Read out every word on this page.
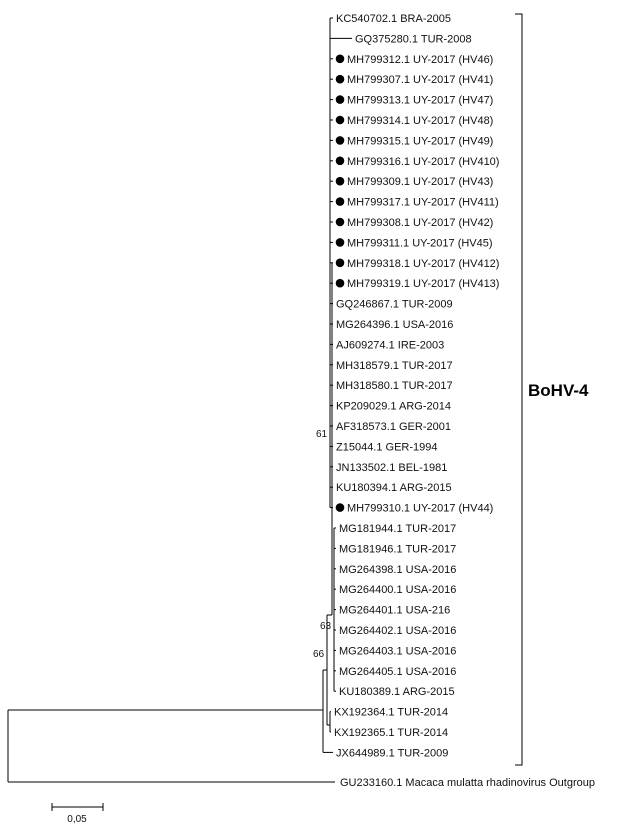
KC540702.1 BRA-2005
GQ375280.1 TUR-2008
MH799312.1 UY-2017 (HV46)
MH799307.1 UY-2017 (HV41)
MH799313.1 UY-2017 (HV47)
MH799314.1 UY-2017 (HV48)
MH799315.1 UY-2017 (HV49)
MH799316.1 UY-2017 (HV410)
MH799309.1 UY-2017 (HV43)
MH799317.1 UY-2017 (HV411)
MH799308.1 UY-2017 (HV42)
MH799311.1 UY-2017 (HV45)
MH799318.1 UY-2017 (HV412)
MH799319.1 UY-2017 (HV413)
GQ246867.1 TUR-2009
MG264396.1 USA-2016
AJ609274.1 IRE-2003
MH318579.1 TUR-2017
MH318580.1 TUR-2017
KP209029.1 ARG-2014
AF318573.1 GER-2001
Z15044.1 GER-1994
JN133502.1 BEL-1981
KU180394.1 ARG-2015
MH799310.1 UY-2017 (HV44)
MG181944.1 TUR-2017
MG181946.1 TUR-2017
MG264398.1 USA-2016
MG264400.1 USA-2016
MG264401.1 USA-216
MG264402.1 USA-2016
MG264403.1 USA-2016
MG264405.1 USA-2016
KU180389.1 ARG-2015
KX192364.1 TUR-2014
KX192365.1 TUR-2014
JX644989.1 TUR-2009
GU233160.1 Macaca mulatta rhadinovirus Outgroup
61
63
66
BoHV-4
0,05
